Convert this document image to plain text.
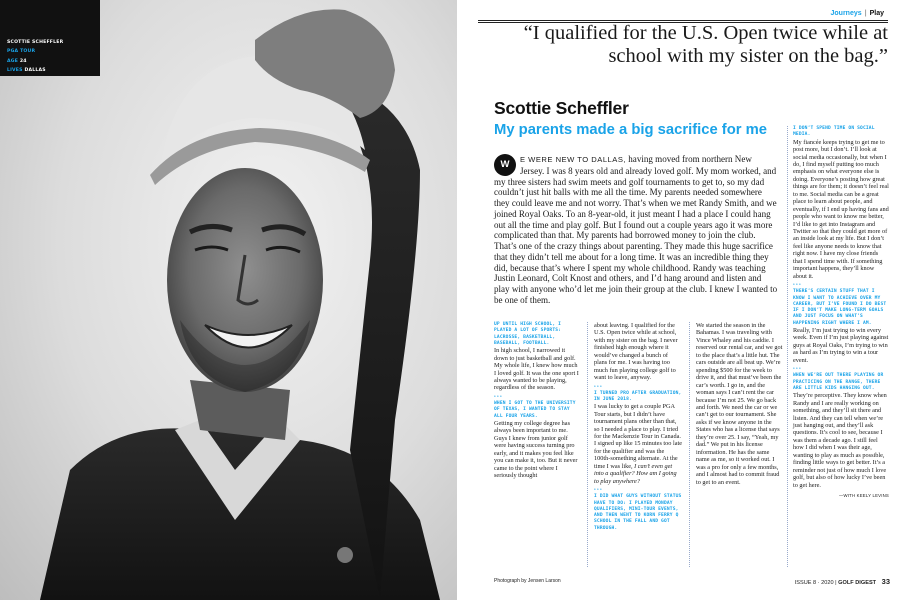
SCOTTIE SCHEFFLER
PGA TOUR
AGE 24
LIVES DALLAS
Journeys | Play
“I qualified for the U.S. Open twice while at school with my sister on the bag.”
Scottie Scheffler
My parents made a big sacrifice for me
W	E WERE NEW TO DALLAS, having moved from northern New Jersey. I was 8 years old and already loved golf. My mom worked, and my three sisters had swim meets and golf tournaments to get to, so my dad couldn’t just hit balls with me all the time. My parents needed somewhere they could leave me and not worry. That’s when we met Randy Smith, and we joined Royal Oaks. To an 8-year-old, it just meant I had a place I could hang out all the time and play golf. But I found out a couple years ago it was more complicated than that. My parents had borrowed money to join the club. That’s one of the crazy things about parenting. They made this huge sacrifice that they didn’t tell me about for a long time. It was an incredible thing they did, because that’s where I spent my whole childhood. Randy was teaching Justin Leonard, Colt Knost and others, and I’d hang around and listen and play with anyone who’d let me join their group at the club. I knew I wanted to be one of them.
UP UNTIL HIGH SCHOOL, I PLAYED A LOT OF SPORTS: LACROSSE, BASKETBALL, BASEBALL, FOOTBALL.
In high school, I narrowed it down to just basketball and golf. My whole life, I knew how much I loved golf. It was the one sport I always wanted to be playing, regardless of the season.
• • •
WHEN I GOT TO THE UNIVERSITY OF TEXAS, I WANTED TO STAY ALL FOUR YEARS.
Getting my college degree has always been important to me. Guys I knew from junior golf were having success turning pro early, and it makes you feel like you can make it, too. But it never came to the point where I seriously thought
about leaving. I qualified for the U.S. Open twice while at school, with my sister on the bag. I never finished high enough where it would’ve changed a bunch of plans for me. I was having too much fun playing college golf to want to leave, anyway.
• • •
I TURNED PRO AFTER GRADUATION, IN JUNE 2018.
I was lucky to get a couple PGA Tour starts, but I didn’t have tournament plans other than that, so I needed a place to play. I tried for the Mackenzie Tour in Canada. I signed up like 15 minutes too late for the qualifier and was the 100th-something alternate. At the time I was like, I can’t even get into a qualifier? How am I going to play anywhere?
• • •
I DID WHAT GUYS WITHOUT STATUS HAVE TO DO: I PLAYED MONDAY QUALIFIERS, MINI-TOUR EVENTS, AND THEN WENT TO KORN FERRY Q SCHOOL IN THE FALL AND GOT THROUGH.
We started the season in the Bahamas. I was traveling with Vince Whaley and his caddie. I reserved our rental car, and we got to the place that’s a little hut. The cars outside are all beat up. We’re spending $500 for the week to drive it, and that must’ve been the car’s worth. I go in, and the woman says I can’t rent the car because I’m not 25. We go back and forth. We need the car or we can’t get to our tournament. She asks if we know anyone in the States who has a license that says they’re over 25. I say, “Yeah, my dad.” We put in his license information. He has the same name as me, so it worked out. I was a pro for only a few months, and I almost had to commit fraud to get to an event.
I DON’T SPEND TIME ON SOCIAL MEDIA.
My fiancée keeps trying to get me to post more, but I don’t. I’ll look at social media occasionally, but when I do, I find myself putting too much emphasis on what everyone else is doing. Everyone’s posting how great things are for them; it doesn’t feel real to me. Social media can be a great place to learn about people, and eventually, if I end up having fans and people who want to know me better, I’d like to get into Instagram and Twitter so that they could get more of an inside look at my life. But I don’t feel like anyone needs to know that right now. I have my close friends that I spend time with. If something important happens, they’ll know about it.
• • •
THERE’S CERTAIN STUFF THAT I KNOW I WANT TO ACHIEVE OVER MY CAREER, BUT I’VE FOUND I DO BEST IF I DON’T MAKE LONG-TERM GOALS AND JUST FOCUS ON WHAT’S HAPPENING RIGHT WHERE I AM.
Really, I’m just trying to win every week. Even if I’m just playing against guys at Royal Oaks, I’m trying to win as hard as I’m trying to win a tour event.
• • •
WHEN WE’RE OUT THERE PLAYING OR PRACTICING ON THE RANGE, THERE ARE LITTLE KIDS HANGING OUT.
They’re perceptive. They know when Randy and I are really working on something, and they’ll sit there and listen. And they can tell when we’re just hanging out, and they’ll ask questions. It’s cool to see, because I was them a decade ago. I still feel how I did when I was their age, wanting to play as much as possible, finding little ways to get better. It’s a reminder not just of how much I love golf, but also of how lucky I’ve been to get here.
—WITH KEELY LEVINS
Photograph by Jensen Larson	ISSUE 8 · 2020 | GOLF DIGEST 33
